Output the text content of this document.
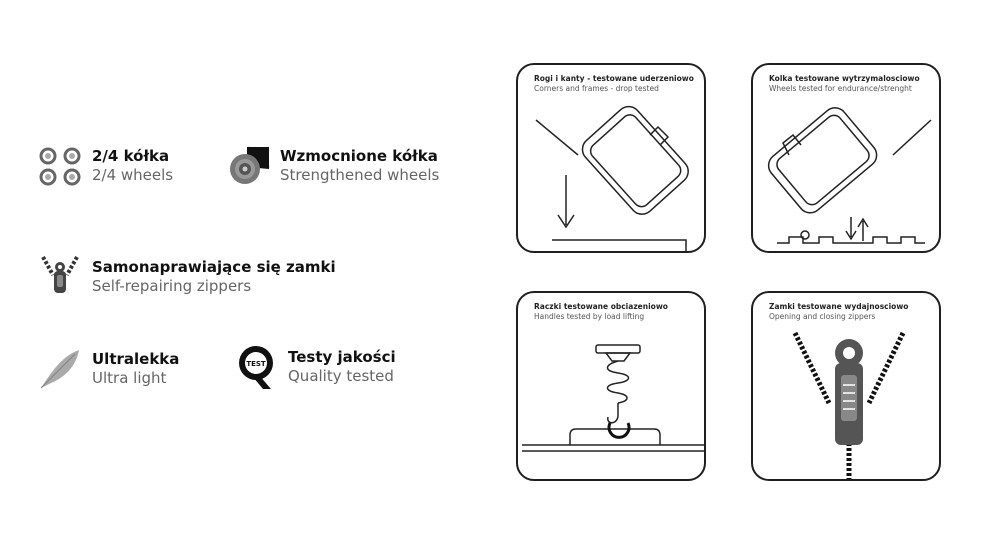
2/4 kółka
2/4 wheels
Wzmocnione kółka
Strengthened wheels
Samonaprawiające się zamki
Self-repairing zippers
Ultralekka
Ultra light
TEST Testy jakości
Quality tested
Rogi i kanty - testowane uderzeniowo
Corners and frames - drop tested
Kolka testowane wytrzymalosciowo
Wheels tested for endurance/strenght
Raczki testowane obciazeniowo
Handles tested by load lifting
Zamki testowane wydajnosciowo
Opening and closing zippers
